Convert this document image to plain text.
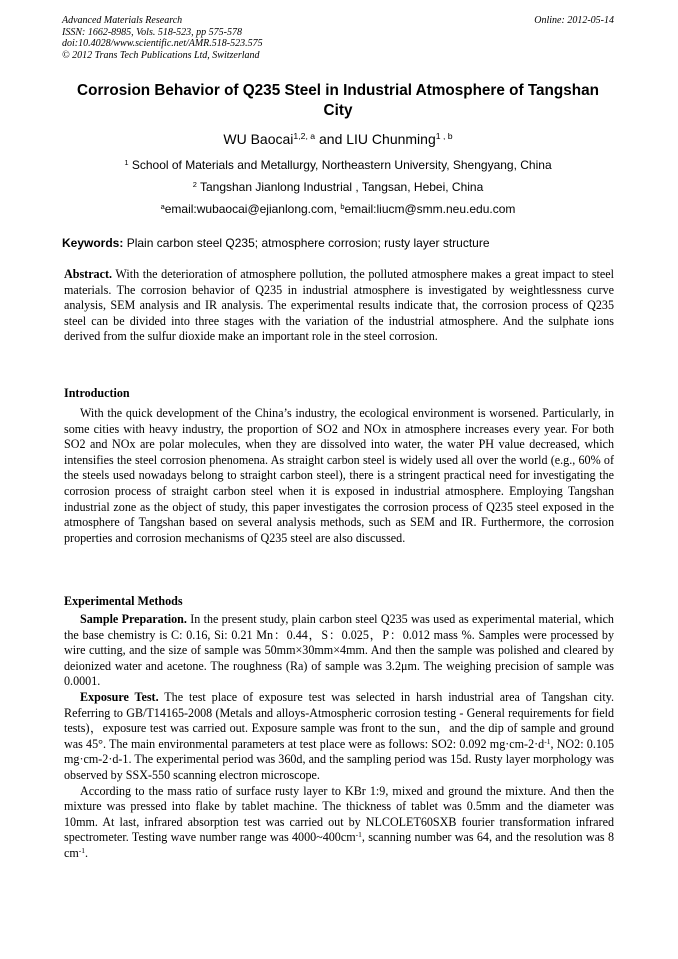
Advanced Materials Research
ISSN: 1662-8985, Vols. 518-523, pp 575-578
doi:10.4028/www.scientific.net/AMR.518-523.575
© 2012 Trans Tech Publications Ltd, Switzerland
Online: 2012-05-14
Corrosion Behavior of Q235 Steel in Industrial Atmosphere of Tangshan City
WU Baocai$^{1,2, a}$ and LIU Chunming$^{1 , b}$
$^1$ School of Materials and Metallurgy, Northeastern University, Shengyang, China
$^2$ Tangshan Jianlong Industrial , Tangsan, Hebei, China
$^a$email:wubaocai@ejianlong.com, $^b$email:liucm@smm.neu.edu.com
Keywords: Plain carbon steel Q235; atmosphere corrosion; rusty layer structure

Abstract. With the deterioration of atmosphere pollution, the polluted atmosphere makes a great impact to steel materials. The corrosion behavior of Q235 in industrial atmosphere is investigated by weightlessness curve analysis, SEM analysis and IR analysis. The experimental results indicate that, the corrosion process of Q235 steel can be divided into three stages with the variation of the industrial atmosphere. And the sulphate ions derived from the sulfur dioxide make an important role in the steel corrosion.

Introduction

With the quick development of the China’s industry, the ecological environment is worsened. Particularly, in some cities with heavy industry, the proportion of SO2 and NOx in atmosphere increases every year. For both SO2 and NOx are polar molecules, when they are dissolved into water, the water PH value decreased, which intensifies the steel corrosion phenomena. As straight carbon steel is widely used all over the world (e.g., 60% of the steels used nowadays belong to straight carbon steel), there is a stringent practical need for investigating the corrosion process of straight carbon steel when it is exposed in industrial atmosphere. Employing Tangshan industrial zone as the object of study, this paper investigates the corrosion process of Q235 steel exposed in the atmosphere of Tangshan based on several analysis methods, such as SEM and IR. Furthermore, the corrosion properties and corrosion mechanisms of Q235 steel are also discussed.

Experimental Methods

Sample Preparation. In the present study, plain carbon steel Q235 was used as experimental material, which the base chemistry is C: 0.16, Si: 0.21 Mn：0.44，S：0.025，P：0.012 mass %. Samples were processed by wire cutting, and the size of sample was 50mm×30mm×4mm. And then the sample was polished and cleared by deionized water and acetone. The roughness (Ra) of sample was 3.2μm. The weighing precision of sample was 0.0001.

Exposure Test. The test place of exposure test was selected in harsh industrial area of Tangshan city. Referring to GB/T14165-2008 (Metals and alloys-Atmospheric corrosion testing - General requirements for field tests)，exposure test was carried out. Exposure sample was front to the sun，and the dip of sample and ground was 45°. The main environmental parameters at test place were as follows: SO2: 0.092 $mg\cdot cm-2\cdot d^{-1}$, NO2: 0.105 mg·cm-2·d-1. The experimental period was 360d, and the sampling period was 15d. Rusty layer morphology was observed by SSX-550 scanning electron microscope.

According to the mass ratio of surface rusty layer to KBr 1:9, mixed and ground the mixture. And then the mixture was pressed into flake by tablet machine. The thickness of tablet was 0.5mm and the diameter was 10mm. At last, infrared absorption test was carried out by NLCOLET60SXB fourier transformation infrared spectrometer. Testing wave number range was $4000\sim 400cm^{-1}$, scanning number was 64, and the resolution was 8 $cm^{-1}$.
